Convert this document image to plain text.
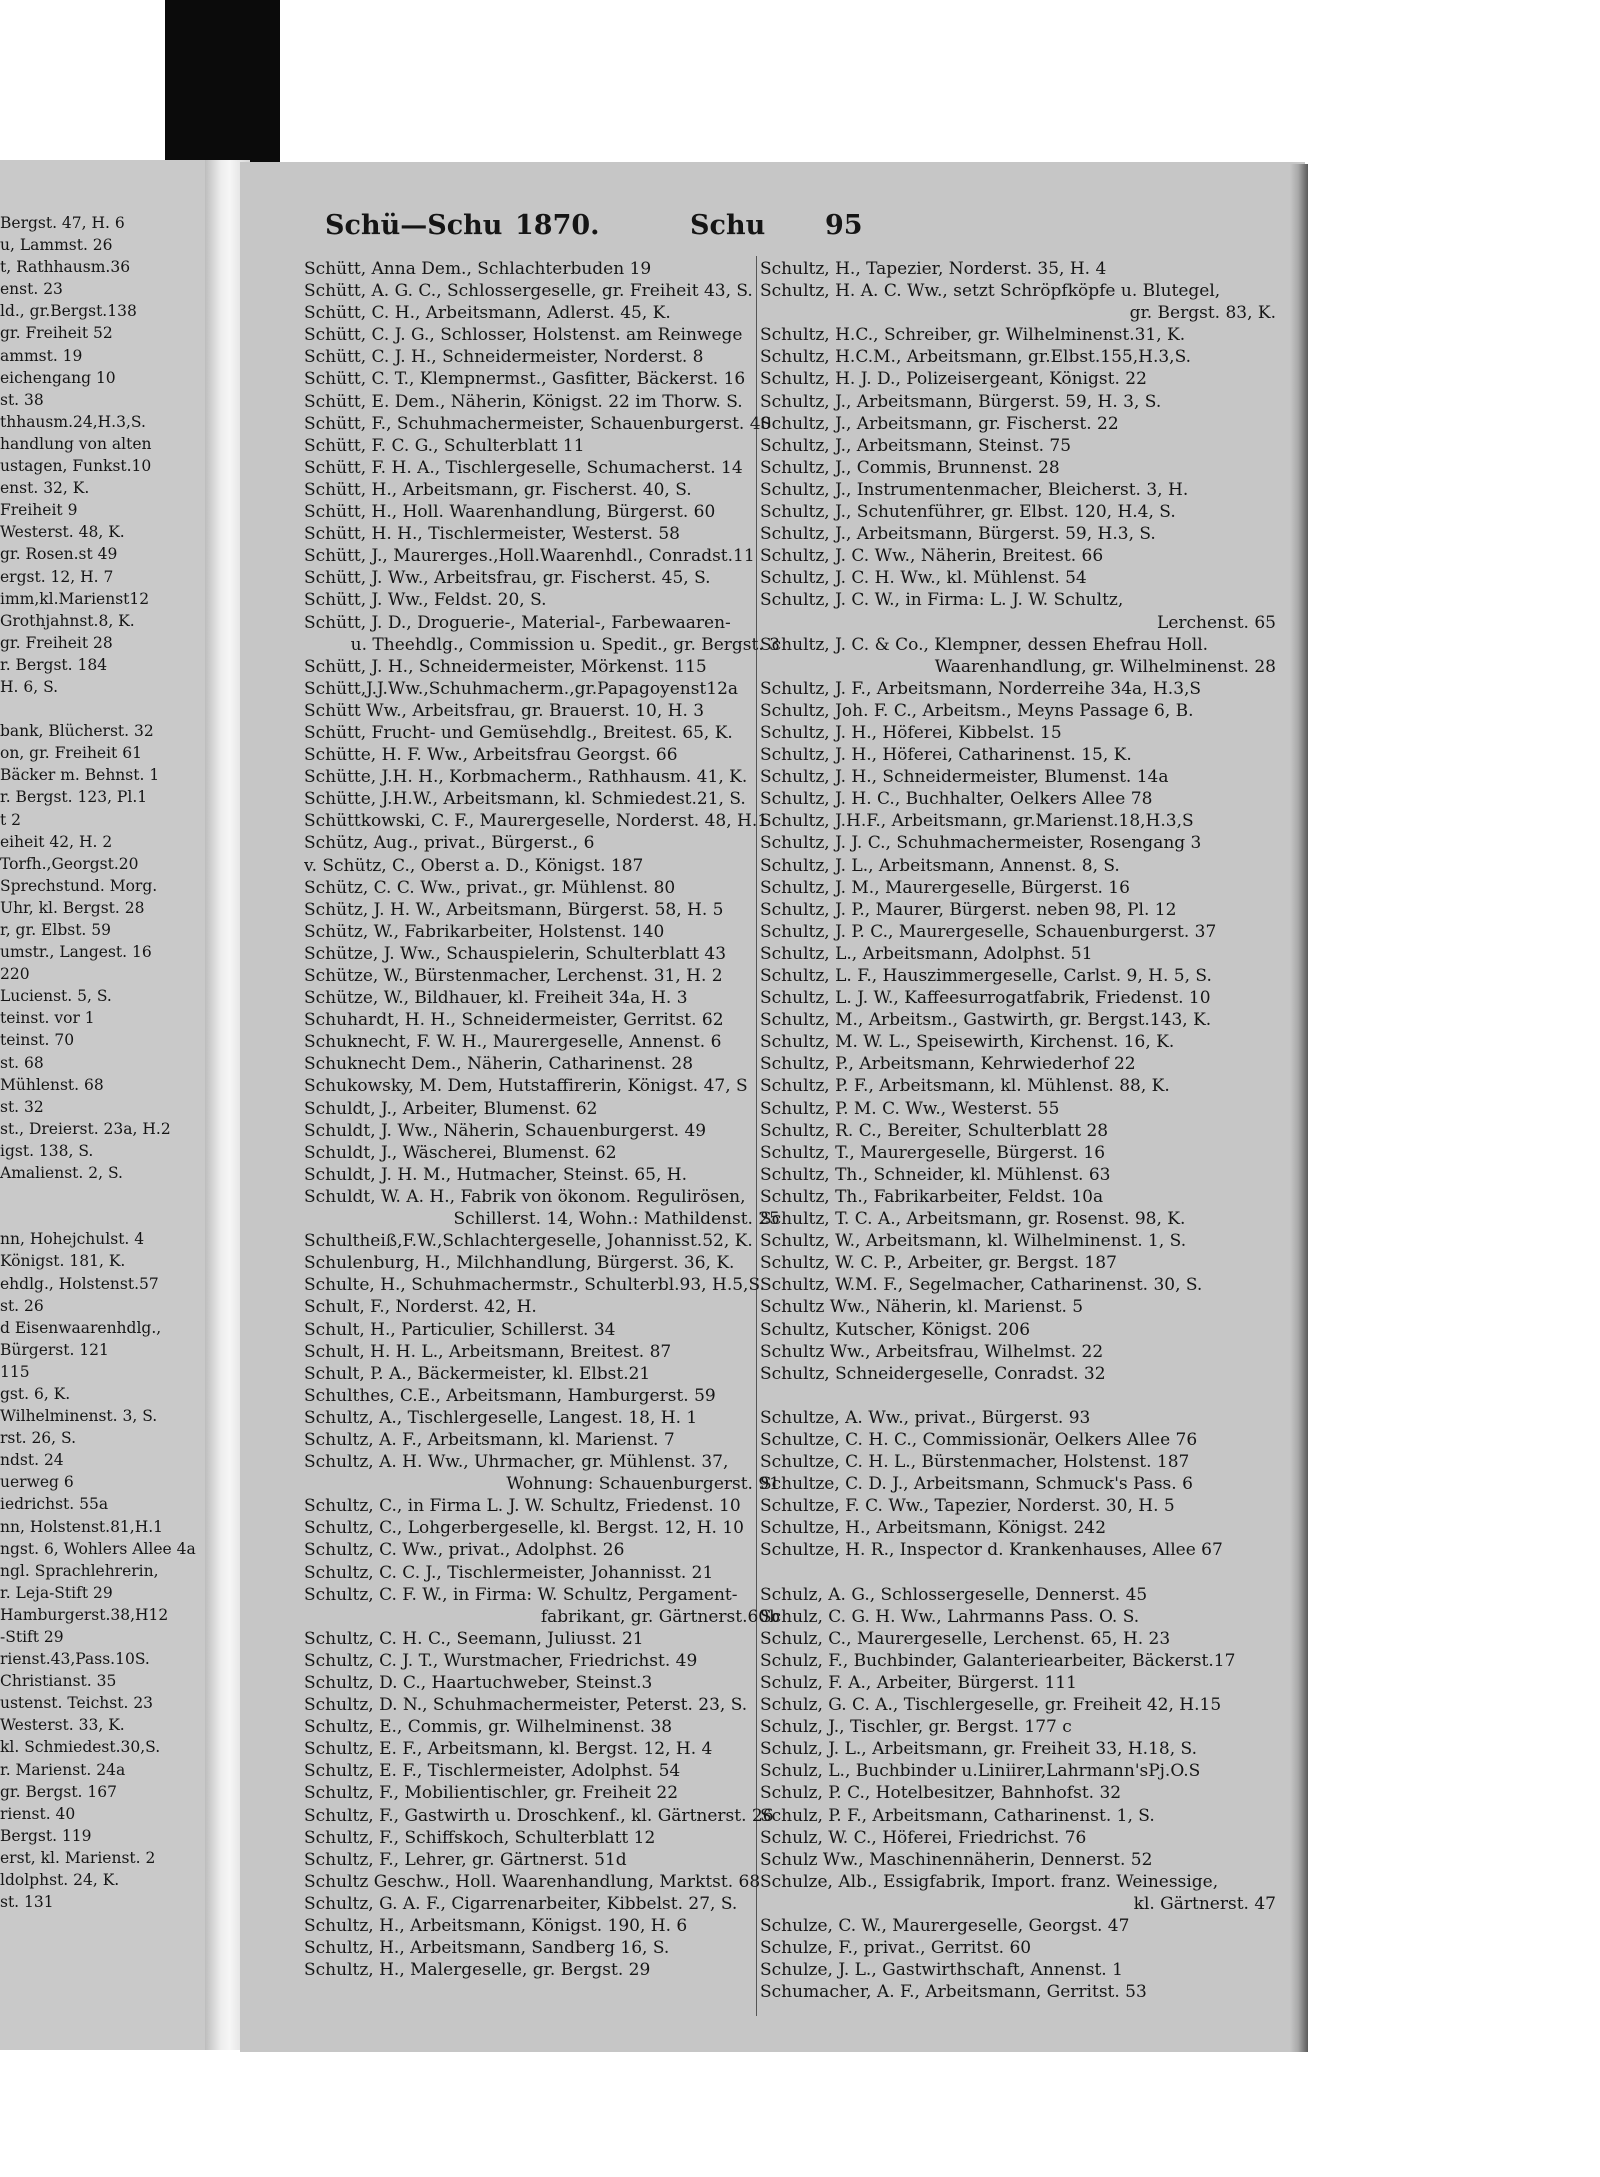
Bergst. 47, H. 6
u, Lammst. 26
t, Rathhausm.36
enst. 23
ld., gr.Bergst.138
gr. Freiheit 52
ammst. 19
eichengang 10
st. 38
thhausm.24,H.3,S.
handlung von alten
ustagen, Funkst.10
enst. 32, K.
Freiheit 9
Westerst. 48, K.
gr. Rosen.st 49
ergst. 12, H. 7
imm,kl.Marienst12
Grothjahnst.8, K.
gr. Freiheit 28
r. Bergst. 184
H. 6, S.

bank, Blücherst. 32
on, gr. Freiheit 61
Bäcker m. Behnst. 1
r. Bergst. 123, Pl.1
t 2
eiheit 42, H. 2
Torfh.,Georgst.20
Sprechstund. Morg.
Uhr, kl. Bergst. 28
r, gr. Elbst. 59
umstr., Langest. 16
220
Lucienst. 5, S.
teinst. vor 1
teinst. 70
st. 68
Mühlenst. 68
st. 32
st., Dreierst. 23a, H.2
igst. 138, S.
Amalienst. 2, S.

nn, Hohejchulst. 4
Königst. 181, K.
ehdlg., Holstenst.57
st. 26
d Eisenwaarenhdlg.,
Bürgerst. 121
115
gst. 6, K.
Wilhelminenst. 3, S.
rst. 26, S.
ndst. 24
uerweg 6
iedrichst. 55a
nn, Holstenst.81,H.1
ngst. 6, Wohlers Allee 4a
ngl. Sprachlehrerin,
r. Leja-Stift 29
Hamburgerst.38,H12
-Stift 29
rienst.43,Pass.10S.
Christianst. 35
ustenst. Teichst. 23
Westerst. 33, K.
kl. Schmiedest.30,S.
r. Marienst. 24a
gr. Bergst. 167
rienst. 40
Bergst. 119
erst, kl. Marienst. 2
ldolphst. 24, K.
st. 131
Schü—Schu 1870.	Schu 95
Schütt, Anna Dem., Schlachterbuden 19
Schütt, A. G. C., Schlossergeselle, gr. Freiheit 43, S.
Schütt, C. H., Arbeitsmann, Adlerst. 45, K.
Schütt, C. J. G., Schlosser, Holstenst. am Reinwege
Schütt, C. J. H., Schneidermeister, Norderst. 8
Schütt, C. T., Klempnermst., Gasfitter, Bäckerst. 16
Schütt, E. Dem., Näherin, Königst. 22 im Thorw. S.
Schütt, F., Schuhmachermeister, Schauenburgerst. 40
Schütt, F. C. G., Schulterblatt 11
Schütt, F. H. A., Tischlergeselle, Schumacherst. 14
Schütt, H., Arbeitsmann, gr. Fischerst. 40, S.
Schütt, H., Holl. Waarenhandlung, Bürgerst. 60
Schütt, H. H., Tischlermeister, Westerst. 58
Schütt, J., Maurerges.,Holl.Waarenhdl., Conradst.11
Schütt, J. Ww., Arbeitsfrau, gr. Fischerst. 45, S.
Schütt, J. Ww., Feldst. 20, S.
Schütt, J. D., Droguerie-, Material-, Farbewaaren-
u. Theehdlg., Commission u. Spedit., gr. Bergst. 3
Schütt, J. H., Schneidermeister, Mörkenst. 115
Schütt,J.J.Ww.,Schuhmacherm.,gr.Papagoyenst12a
Schütt Ww., Arbeitsfrau, gr. Brauerst. 10, H. 3
Schütt, Frucht- und Gemüsehdlg., Breitest. 65, K.
Schütte, H. F. Ww., Arbeitsfrau Georgst. 66
Schütte, J.H. H., Korbmacherm., Rathhausm. 41, K.
Schütte, J.H.W., Arbeitsmann, kl. Schmiedest.21, S.
Schüttkowski, C. F., Maurergeselle, Norderst. 48, H.1
Schütz, Aug., privat., Bürgerst., 6
v. Schütz, C., Oberst a. D., Königst. 187
Schütz, C. C. Ww., privat., gr. Mühlenst. 80
Schütz, J. H. W., Arbeitsmann, Bürgerst. 58, H. 5
Schütz, W., Fabrikarbeiter, Holstenst. 140
Schütze, J. Ww., Schauspielerin, Schulterblatt 43
Schütze, W., Bürstenmacher, Lerchenst. 31, H. 2
Schütze, W., Bildhauer, kl. Freiheit 34a, H. 3
Schuhardt, H. H., Schneidermeister, Gerritst. 62
Schuknecht, F. W. H., Maurergeselle, Annenst. 6
Schuknecht Dem., Näherin, Catharinenst. 28
Schukowsky, M. Dem, Hutstaffirerin, Königst. 47, S
Schuldt, J., Arbeiter, Blumenst. 62
Schuldt, J. Ww., Näherin, Schauenburgerst. 49
Schuldt, J., Wäscherei, Blumenst. 62
Schuldt, J. H. M., Hutmacher, Steinst. 65, H.
Schuldt, W. A. H., Fabrik von ökonom. Regulirösen,
Schillerst. 14, Wohn.: Mathildenst. 25
Schultheiß,F.W.,Schlachtergeselle, Johannisst.52, K.
Schulenburg, H., Milchhandlung, Bürgerst. 36, K.
Schulte, H., Schuhmachermstr., Schulterbl.93, H.5,S.
Schult, F., Norderst. 42, H.
Schult, H., Particulier, Schillerst. 34
Schult, H. H. L., Arbeitsmann, Breitest. 87
Schult, P. A., Bäckermeister, kl. Elbst.21
Schulthes, C.E., Arbeitsmann, Hamburgerst. 59
Schultz, A., Tischlergeselle, Langest. 18, H. 1
Schultz, A. F., Arbeitsmann, kl. Marienst. 7
Schultz, A. H. Ww., Uhrmacher, gr. Mühlenst. 37,
Wohnung: Schauenburgerst. 91
Schultz, C., in Firma L. J. W. Schultz, Friedenst. 10
Schultz, C., Lohgerbergeselle, kl. Bergst. 12, H. 10
Schultz, C. Ww., privat., Adolphst. 26
Schultz, C. C. J., Tischlermeister, Johannisst. 21
Schultz, C. F. W., in Firma: W. Schultz, Pergament-
fabrikant, gr. Gärtnerst.60b
Schultz, C. H. C., Seemann, Juliusst. 21
Schultz, C. J. T., Wurstmacher, Friedrichst. 49
Schultz, D. C., Haartuchweber, Steinst.3
Schultz, D. N., Schuhmachermeister, Peterst. 23, S.
Schultz, E., Commis, gr. Wilhelminenst. 38
Schultz, E. F., Arbeitsmann, kl. Bergst. 12, H. 4
Schultz, E. F., Tischlermeister, Adolphst. 54
Schultz, F., Mobilientischler, gr. Freiheit 22
Schultz, F., Gastwirth u. Droschkenf., kl. Gärtnerst. 26
Schultz, F., Schiffskoch, Schulterblatt 12
Schultz, F., Lehrer, gr. Gärtnerst. 51d
Schultz Geschw., Holl. Waarenhandlung, Marktst. 68
Schultz, G. A. F., Cigarrenarbeiter, Kibbelst. 27, S.
Schultz, H., Arbeitsmann, Königst. 190, H. 6
Schultz, H., Arbeitsmann, Sandberg 16, S.
Schultz, H., Malergeselle, gr. Bergst. 29
Schultz, H., Tapezier, Norderst. 35, H. 4
Schultz, H. A. C. Ww., setzt Schröpfköpfe u. Blutegel,
gr. Bergst. 83, K.
Schultz, H.C., Schreiber, gr. Wilhelminenst.31, K.
Schultz, H.C.M., Arbeitsmann, gr.Elbst.155,H.3,S.
Schultz, H. J. D., Polizeisergeant, Königst. 22
Schultz, J., Arbeitsmann, Bürgerst. 59, H. 3, S.
Schultz, J., Arbeitsmann, gr. Fischerst. 22
Schultz, J., Arbeitsmann, Steinst. 75
Schultz, J., Commis, Brunnenst. 28
Schultz, J., Instrumentenmacher, Bleicherst. 3, H.
Schultz, J., Schutenführer, gr. Elbst. 120, H.4, S.
Schultz, J., Arbeitsmann, Bürgerst. 59, H.3, S.
Schultz, J. C. Ww., Näherin, Breitest. 66
Schultz, J. C. H. Ww., kl. Mühlenst. 54
Schultz, J. C. W., in Firma: L. J. W. Schultz,
Lerchenst. 65
Schultz, J. C. & Co., Klempner, dessen Ehefrau Holl.
Waarenhandlung, gr. Wilhelminenst. 28
Schultz, J. F., Arbeitsmann, Norderreihe 34a, H.3,S
Schultz, Joh. F. C., Arbeitsm., Meyns Passage 6, B.
Schultz, J. H., Höferei, Kibbelst. 15
Schultz, J. H., Höferei, Catharinenst. 15, K.
Schultz, J. H., Schneidermeister, Blumenst. 14a
Schultz, J. H. C., Buchhalter, Oelkers Allee 78
Schultz, J.H.F., Arbeitsmann, gr.Marienst.18,H.3,S
Schultz, J. J. C., Schuhmachermeister, Rosengang 3
Schultz, J. L., Arbeitsmann, Annenst. 8, S.
Schultz, J. M., Maurergeselle, Bürgerst. 16
Schultz, J. P., Maurer, Bürgerst. neben 98, Pl. 12
Schultz, J. P. C., Maurergeselle, Schauenburgerst. 37
Schultz, L., Arbeitsmann, Adolphst. 51
Schultz, L. F., Hauszimmergeselle, Carlst. 9, H. 5, S.
Schultz, L. J. W., Kaffeesurrogatfabrik, Friedenst. 10
Schultz, M., Arbeitsm., Gastwirth, gr. Bergst.143, K.
Schultz, M. W. L., Speisewirth, Kirchenst. 16, K.
Schultz, P., Arbeitsmann, Kehrwiederhof 22
Schultz, P. F., Arbeitsmann, kl. Mühlenst. 88, K.
Schultz, P. M. C. Ww., Westerst. 55
Schultz, R. C., Bereiter, Schulterblatt 28
Schultz, T., Maurergeselle, Bürgerst. 16
Schultz, Th., Schneider, kl. Mühlenst. 63
Schultz, Th., Fabrikarbeiter, Feldst. 10a
Schultz, T. C. A., Arbeitsmann, gr. Rosenst. 98, K.
Schultz, W., Arbeitsmann, kl. Wilhelminenst. 1, S.
Schultz, W. C. P., Arbeiter, gr. Bergst. 187
Schultz, W.M. F., Segelmacher, Catharinenst. 30, S.
Schultz Ww., Näherin, kl. Marienst. 5
Schultz, Kutscher, Königst. 206
Schultz Ww., Arbeitsfrau, Wilhelmst. 22
Schultz, Schneidergeselle, Conradst. 32

Schultze, A. Ww., privat., Bürgerst. 93
Schultze, C. H. C., Commissionär, Oelkers Allee 76
Schultze, C. H. L., Bürstenmacher, Holstenst. 187
Schultze, C. D. J., Arbeitsmann, Schmuck's Pass. 6
Schultze, F. C. Ww., Tapezier, Norderst. 30, H. 5
Schultze, H., Arbeitsmann, Königst. 242
Schultze, H. R., Inspector d. Krankenhauses, Allee 67

Schulz, A. G., Schlossergeselle, Dennerst. 45
Schulz, C. G. H. Ww., Lahrmanns Pass. O. S.
Schulz, C., Maurergeselle, Lerchenst. 65, H. 23
Schulz, F., Buchbinder, Galanteriearbeiter, Bäckerst.17
Schulz, F. A., Arbeiter, Bürgerst. 111
Schulz, G. C. A., Tischlergeselle, gr. Freiheit 42, H.15
Schulz, J., Tischler, gr. Bergst. 177 c
Schulz, J. L., Arbeitsmann, gr. Freiheit 33, H.18, S.
Schulz, L., Buchbinder u.Liniirer,Lahrmann'sPj.O.S
Schulz, P. C., Hotelbesitzer, Bahnhofst. 32
Schulz, P. F., Arbeitsmann, Catharinenst. 1, S.
Schulz, W. C., Höferei, Friedrichst. 76
Schulz Ww., Maschinennäherin, Dennerst. 52
Schulze, Alb., Essigfabrik, Import. franz. Weinessige,
kl. Gärtnerst. 47
Schulze, C. W., Maurergeselle, Georgst. 47
Schulze, F., privat., Gerritst. 60
Schulze, J. L., Gastwirthschaft, Annenst. 1
Schumacher, A. F., Arbeitsmann, Gerritst. 53
